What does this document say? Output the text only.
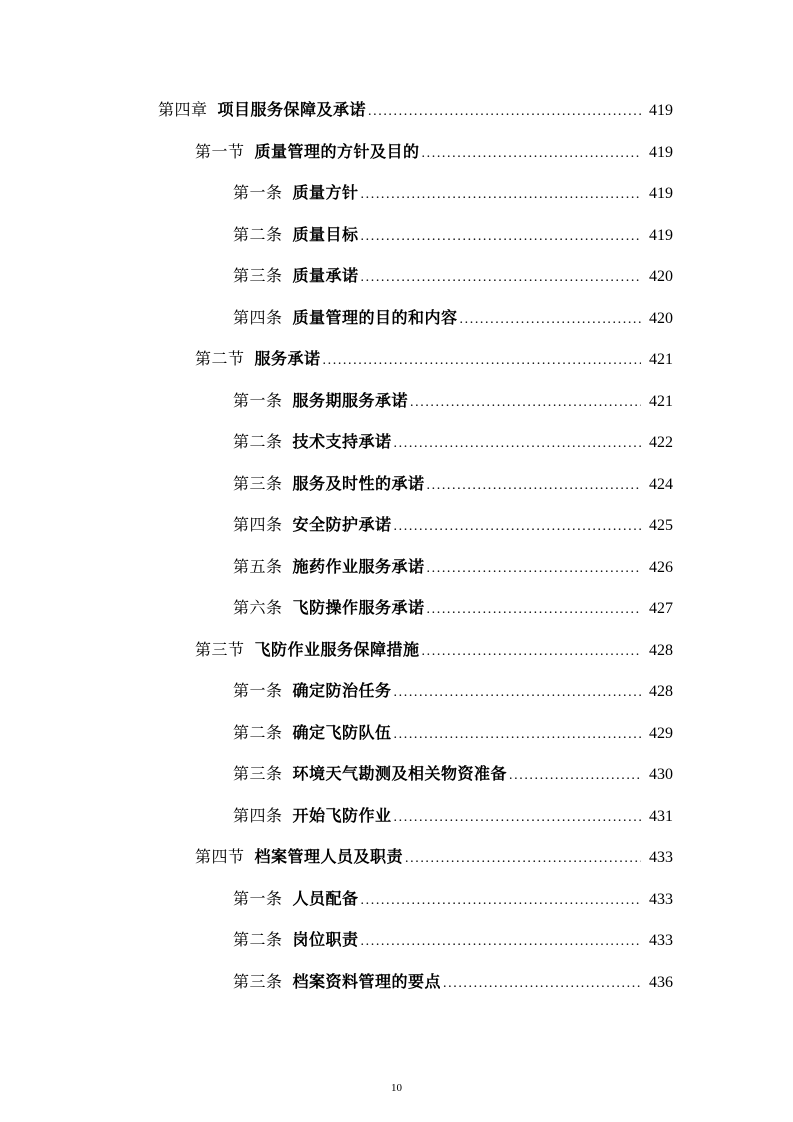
第四章 项目服务保障及承诺 .....	419
第一节 质量管理的方针及目的 .....	419
第一条 质量方针 .....	419
第二条 质量目标 .....	419
第三条 质量承诺 .....	420
第四条 质量管理的目的和内容 .....	420
第二节 服务承诺 .....	421
第一条 服务期服务承诺 .....	421
第二条 技术支持承诺 .....	422
第三条 服务及时性的承诺 .....	424
第四条 安全防护承诺 .....	425
第五条 施药作业服务承诺 .....	426
第六条 飞防操作服务承诺 .....	427
第三节 飞防作业服务保障措施 .....	428
第一条 确定防治任务 .....	428
第二条 确定飞防队伍 .....	429
第三条 环境天气勘测及相关物资准备 .....	430
第四条 开始飞防作业 .....	431
第四节 档案管理人员及职责 .....	433
第一条 人员配备 .....	433
第二条 岗位职责 .....	433
第三条 档案资料管理的要点 .....	436
10
